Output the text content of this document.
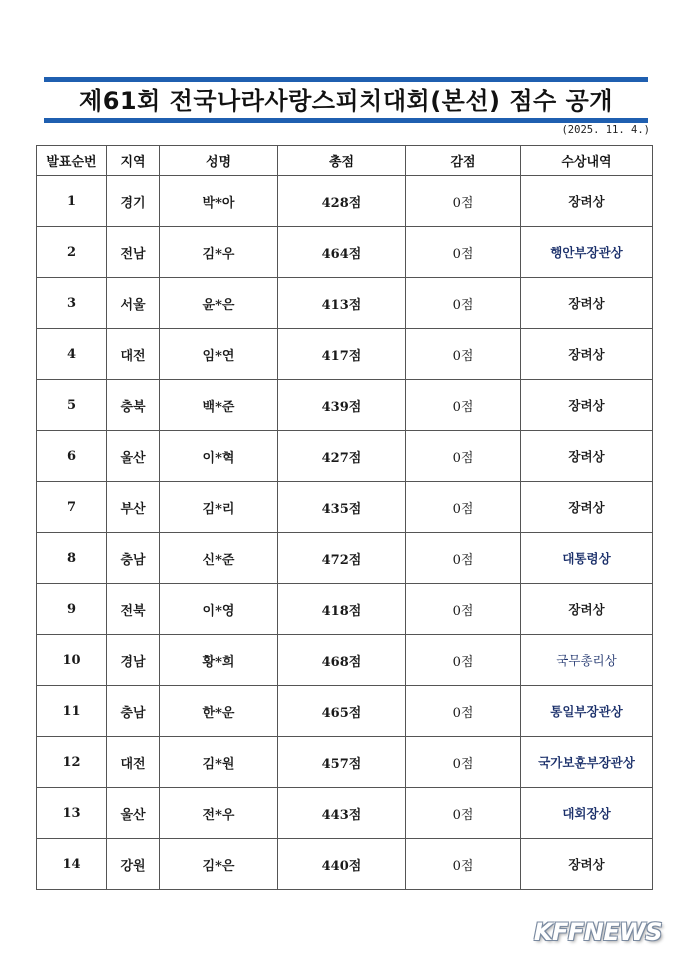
제61회 전국나라사랑스피치대회(본선) 점수 공개
(2025. 11. 4.)
발표순번	지역	성명	총점	감점	수상내역
1	경기	박*아	428점	0점	장려상
2	전남	김*우	464점	0점	행안부장관상
3	서울	윤*은	413점	0점	장려상
4	대전	임*연	417점	0점	장려상
5	충북	백*준	439점	0점	장려상
6	울산	이*혁	427점	0점	장려상
7	부산	김*리	435점	0점	장려상
8	충남	신*준	472점	0점	대통령상
9	전북	이*영	418점	0점	장려상
10	경남	황*희	468점	0점	국무총리상
11	충남	한*운	465점	0점	통일부장관상
12	대전	김*원	457점	0점	국가보훈부장관상
13	울산	전*우	443점	0점	대회장상
14	강원	김*은	440점	0점	장려상
KFFNEWS
